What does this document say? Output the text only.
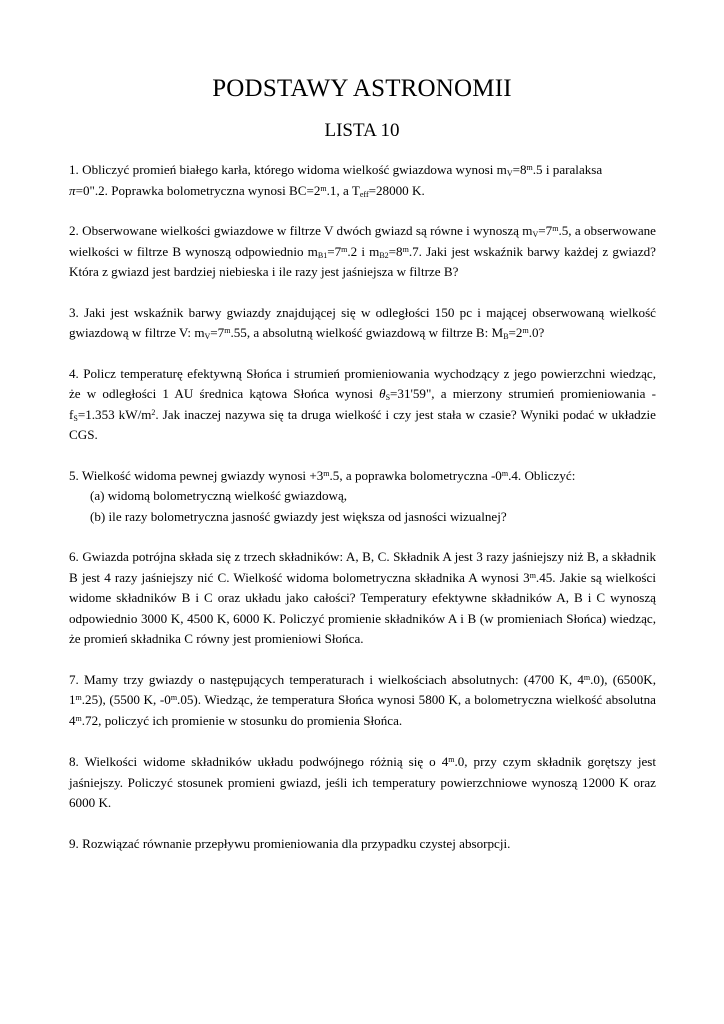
PODSTAWY ASTRONOMII
LISTA 10

1. Obliczyć promień białego karła, którego widoma wielkość gwiazdowa wynosi $m_V=8^m.5$ i paralaksa
π=0".2. Poprawka bolometryczna wynosi $BC=2^m.1$, a $T_{eff}=28000$ K.

2. Obserwowane wielkości gwiazdowe w filtrze V dwóch gwiazd są równe i wynoszą $m_V=7^m.5$, a obserwowane wielkości w filtrze B wynoszą odpowiednio $m_{B1}=7^m.2$ i $m_{B2}=8^m.7$. Jaki jest wskaźnik barwy każdej z gwiazd? Która z gwiazd jest bardziej niebieska i ile razy jest jaśniejsza w filtrze B?

3. Jaki jest wskaźnik barwy gwiazdy znajdującej się w odległości 150 pc i mającej obserwowaną wielkość gwiazdową w filtrze V: $m_V=7^m.55$, a absolutną wielkość gwiazdową w filtrze B: $M_B=2^m.0$?

4. Policz temperaturę efektywną Słońca i strumień promieniowania wychodzący z jego powierzchni wiedząc, że w odległości 1 AU średnica kątowa Słońca wynosi $\theta_S=31'59$", a mierzony strumień promieniowania - $f_S=1.353$ $kW/m^2$. Jak inaczej nazywa się ta druga wielkość i czy jest stała w czasie? Wyniki podać w układzie CGS.

5. Wielkość widoma pewnej gwiazdy wynosi $+3^m.5$, a poprawka bolometryczna -0$^m$.4. Obliczyć:
(a) widomą bolometryczną wielkość gwiazdową,
(b) ile razy bolometryczna jasność gwiazdy jest większa od jasności wizualnej?

6. Gwiazda potrójna składa się z trzech składników: A, B, C. Składnik A jest 3 razy jaśniejszy niż B, a składnik B jest 4 razy jaśniejszy nić C. Wielkość widoma bolometryczna składnika A wynosi 3$^m$.45. Jakie są wielkości widome składników B i C oraz układu jako całości? Temperatury efektywne składników A, B i C wynoszą odpowiednio 3000 K, 4500 K, 6000 K. Policzyć promienie składników A i B (w promieniach Słońca) wiedząc, że promień składnika C równy jest promieniowi Słońca.

7. Mamy trzy gwiazdy o następujących temperaturach i wielkościach absolutnych: (4700 K, 4$^m$.0), (6500K, 1$^m$.25), (5500 K, -0$^m$.05). Wiedząc, że temperatura Słońca wynosi 5800 K, a bolometryczna wielkość absolutna 4$^m$.72, policzyć ich promienie w stosunku do promienia Słońca.

8. Wielkości widome składników układu podwójnego różnią się o 4$^m$.0, przy czym składnik gorętszy jest jaśniejszy. Policzyć stosunek promieni gwiazd, jeśli ich temperatury powierzchniowe wynoszą 12000 K oraz 6000 K.

9. Rozwiązać równanie przepływu promieniowania dla przypadku czystej absorpcji.
